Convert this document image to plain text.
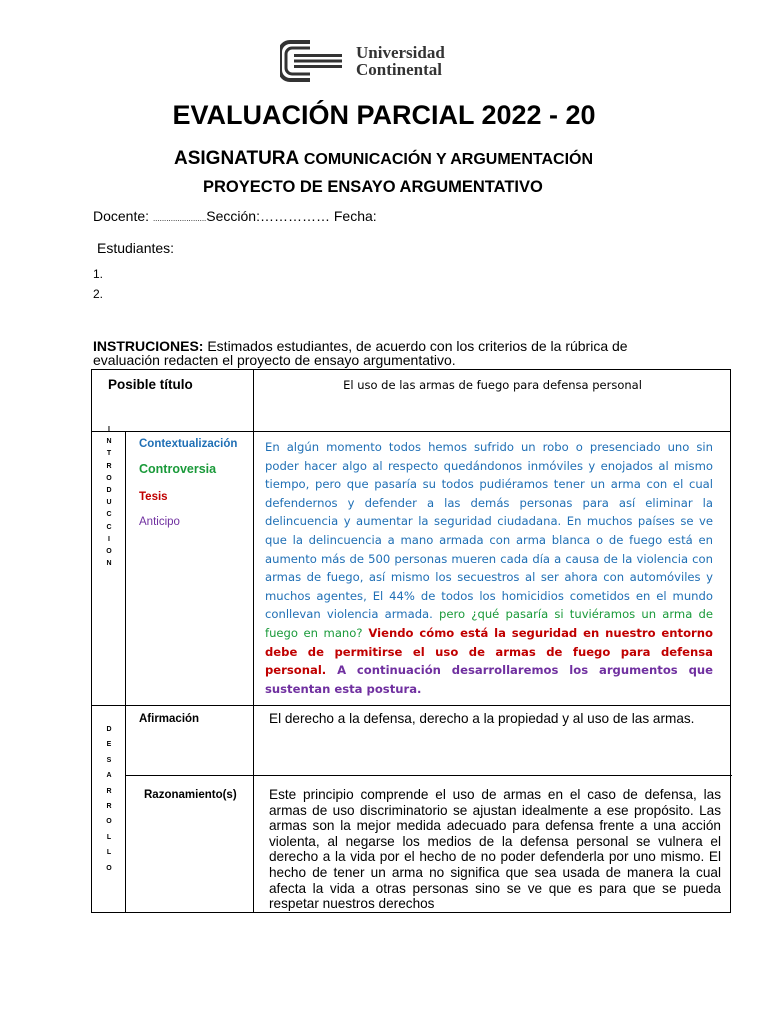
Universidad
Continental
EVALUACIÓN PARCIAL 2022 - 20
ASIGNATURA COMUNICACIÓN Y ARGUMENTACIÓN
PROYECTO DE ENSAYO ARGUMENTATIVO
Docente: ........................Sección:…………… Fecha:
Estudiantes:
1.
2.
INSTRUCIONES: Estimados estudiantes, de acuerdo con los criterios de la rúbrica de evaluación redacten el proyecto de ensayo argumentativo.
Posible título	El uso de las armas de fuego para defensa personal
I
N
T
R
O
D
U
C
C
I
O
N
Contextualización
Controversia
Tesis
Anticipo
En algún momento todos hemos sufrido un robo o presenciado uno sin poder hacer algo al respecto quedándonos inmóviles y enojados al mismo tiempo, pero que pasaría su todos pudiéramos tener un arma con el cual defendernos y defender a las demás personas para así eliminar la delincuencia y aumentar la seguridad ciudadana. En muchos países se ve que la delincuencia a mano armada con arma blanca o de fuego está en aumento más de 500 personas mueren cada día a causa de la violencia con armas de fuego, así mismo los secuestros al ser ahora con automóviles y muchos agentes, El 44% de todos los homicidios cometidos en el mundo conllevan violencia armada. pero ¿qué pasaría si tuviéramos un arma de fuego en mano? Viendo cómo está la seguridad en nuestro entorno debe de permitirse el uso de armas de fuego para defensa personal. A continuación desarrollaremos los argumentos que sustentan esta postura.
D
E
S
A
R
R
O
L
L
O
Afirmación	El derecho a la defensa, derecho a la propiedad y al uso de las armas.
Razonamiento(s) Este principio comprende el uso de armas en el caso de defensa, las armas de uso discriminatorio se ajustan idealmente a ese propósito. Las armas son la mejor medida adecuado para defensa frente a una acción violenta, al negarse los medios de la defensa personal se vulnera el derecho a la vida por el hecho de no poder defenderla por uno mismo. El hecho de tener un arma no significa que sea usada de manera la cual afecta la vida a otras personas sino se ve que es para que se pueda respetar nuestros derechos
